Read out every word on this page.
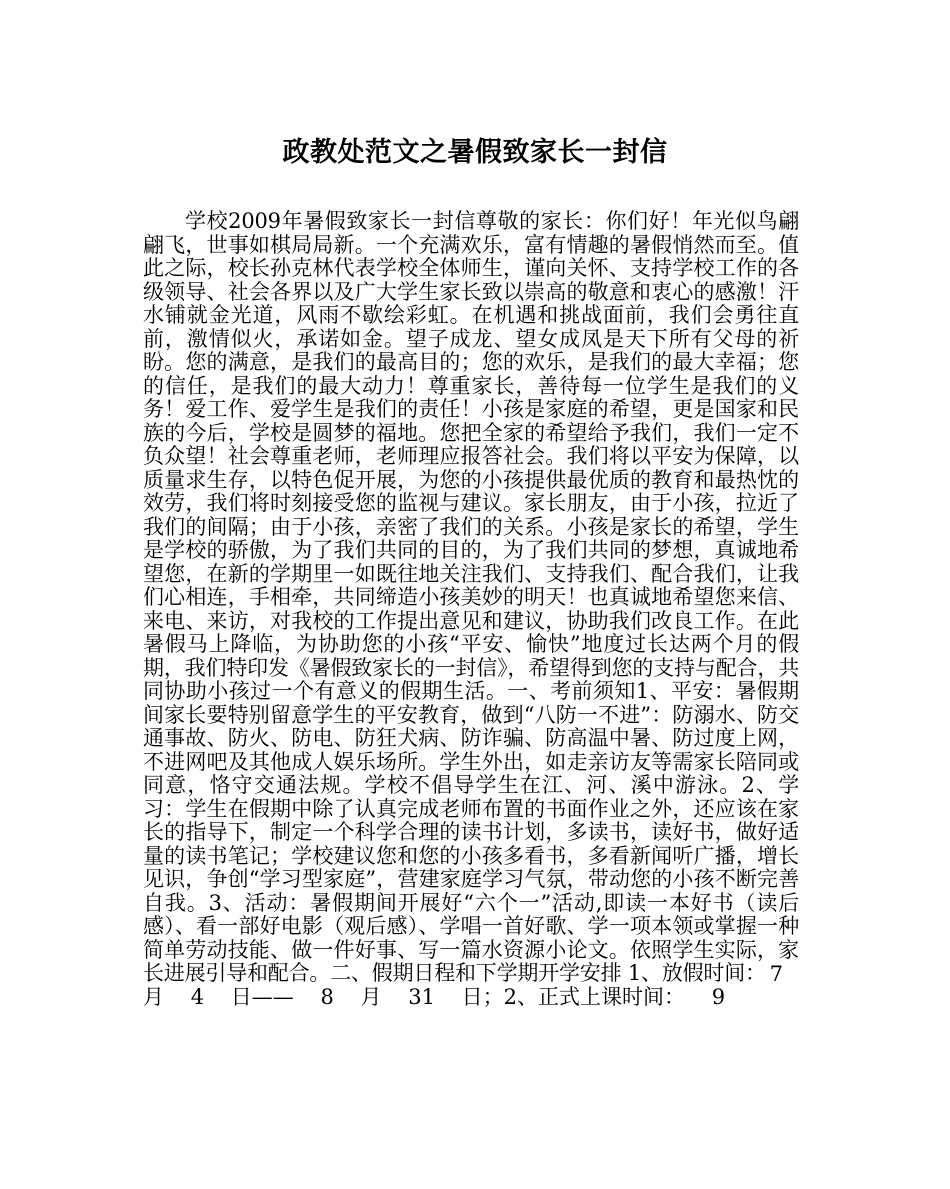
政教处范文之暑假致家长一封信

学校2009年暑假致家长一封信尊敬的家长：你们好！年光似鸟翩翩飞，世事如棋局局新。一个充满欢乐，富有情趣的暑假悄然而至。值此之际，校长孙克林代表学校全体师生，谨向关怀、支持学校工作的各级领导、社会各界以及广大学生家长致以崇高的敬意和衷心的感激！汗水铺就金光道，风雨不歇绘彩虹。在机遇和挑战面前，我们会勇往直前，激情似火，承诺如金。望子成龙、望女成凤是天下所有父母的祈盼。您的满意，是我们的最高目的；您的欢乐，是我们的最大幸福；您的信任，是我们的最大动力！尊重家长，善待每一位学生是我们的义务！爱工作、爱学生是我们的责任！小孩是家庭的希望，更是国家和民族的今后，学校是圆梦的福地。您把全家的希望给予我们，我们一定不负众望！社会尊重老师，老师理应报答社会。我们将以平安为保障，以质量求生存，以特色促开展，为您的小孩提供最优质的教育和最热忱的效劳，我们将时刻接受您的监视与建议。家长朋友，由于小孩，拉近了我们的间隔；由于小孩，亲密了我们的关系。小孩是家长的希望，学生是学校的骄傲，为了我们共同的目的，为了我们共同的梦想，真诚地希望您，在新的学期里一如既往地关注我们、支持我们、配合我们，让我们心相连，手相牵，共同缔造小孩美妙的明天！也真诚地希望您来信、来电、来访，对我校的工作提出意见和建议，协助我们改良工作。在此暑假马上降临，为协助您的小孩“平安、愉快”地度过长达两个月的假期，我们特印发《暑假致家长的一封信》，希望得到您的支持与配合，共同协助小孩过一个有意义的假期生活。一、考前须知1、平安：暑假期间家长要特别留意学生的平安教育，做到“八防一不进”：防溺水、防交通事故、防火、防电、防狂犬病、防诈骗、防高温中暑、防过度上网，不进网吧及其他成人娱乐场所。学生外出，如走亲访友等需家长陪同或同意，恪守交通法规。学校不倡导学生在江、河、溪中游泳。2、学习：学生在假期中除了认真完成老师布置的书面作业之外，还应该在家长的指导下，制定一个科学合理的读书计划，多读书，读好书，做好适量的读书笔记；学校建议您和您的小孩多看书，多看新闻听广播，增长见识，争创“学习型家庭”，营建家庭学习气氛，带动您的小孩不断完善自我。3、活动：暑假期间开展好“六个一”活动,即读一本好书（读后感）、看一部好电影（观后感）、学唱一首好歌、学一项本领或掌握一种简单劳动技能、做一件好事、写一篇水资源小论文。依照学生实际，家长进展引导和配合。二、假期日程和下学期开学安排 1、放假时间： 7

月    4    日——    8    月    31    日；2、正式上课时间：    9
